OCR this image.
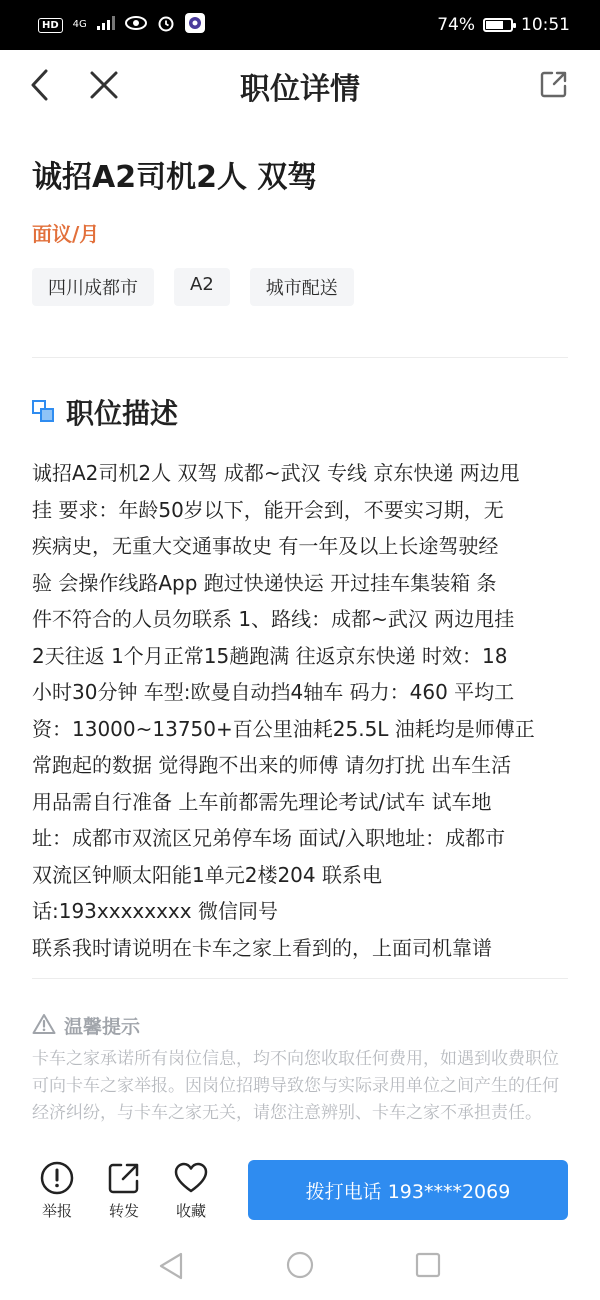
HD	4G	74%	10:51
职位详情
诚招A2司机2人 双驾
面议/月
四川成都市	A2	城市配送
职位描述
诚招A2司机2人 双驾 成都~武汉 专线 京东快递 两边甩
挂 要求：年龄50岁以下，能开会到，不要实习期，无
疾病史，无重大交通事故史 有一年及以上长途驾驶经
验 会操作线路App 跑过快递快运 开过挂车集装箱 条
件不符合的人员勿联系 1、路线：成都~武汉 两边甩挂
2天往返 1个月正常15趟跑满 往返京东快递 时效：18
小时30分钟 车型:欧曼自动挡4轴车 码力：460 平均工
资：13000~13750+百公里油耗25.5L 油耗均是师傅正
常跑起的数据 觉得跑不出来的师傅 请勿打扰 出车生活
用品需自行准备 上车前都需先理论考试/试车 试车地
址：成都市双流区兄弟停车场 面试/入职地址：成都市
双流区钟顺太阳能1单元2楼204 联系电
话:193xxxxxxxx 微信同号
联系我时请说明在卡车之家上看到的，上面司机靠谱
温馨提示
卡车之家承诺所有岗位信息，均不向您收取任何费用，如遇到收费职位可向卡车之家举报。因岗位招聘导致您与实际录用单位之间产生的任何经济纠纷，与卡车之家无关，请您注意辨别、卡车之家不承担责任。
举报	转发	收藏
拨打电话 193****2069
